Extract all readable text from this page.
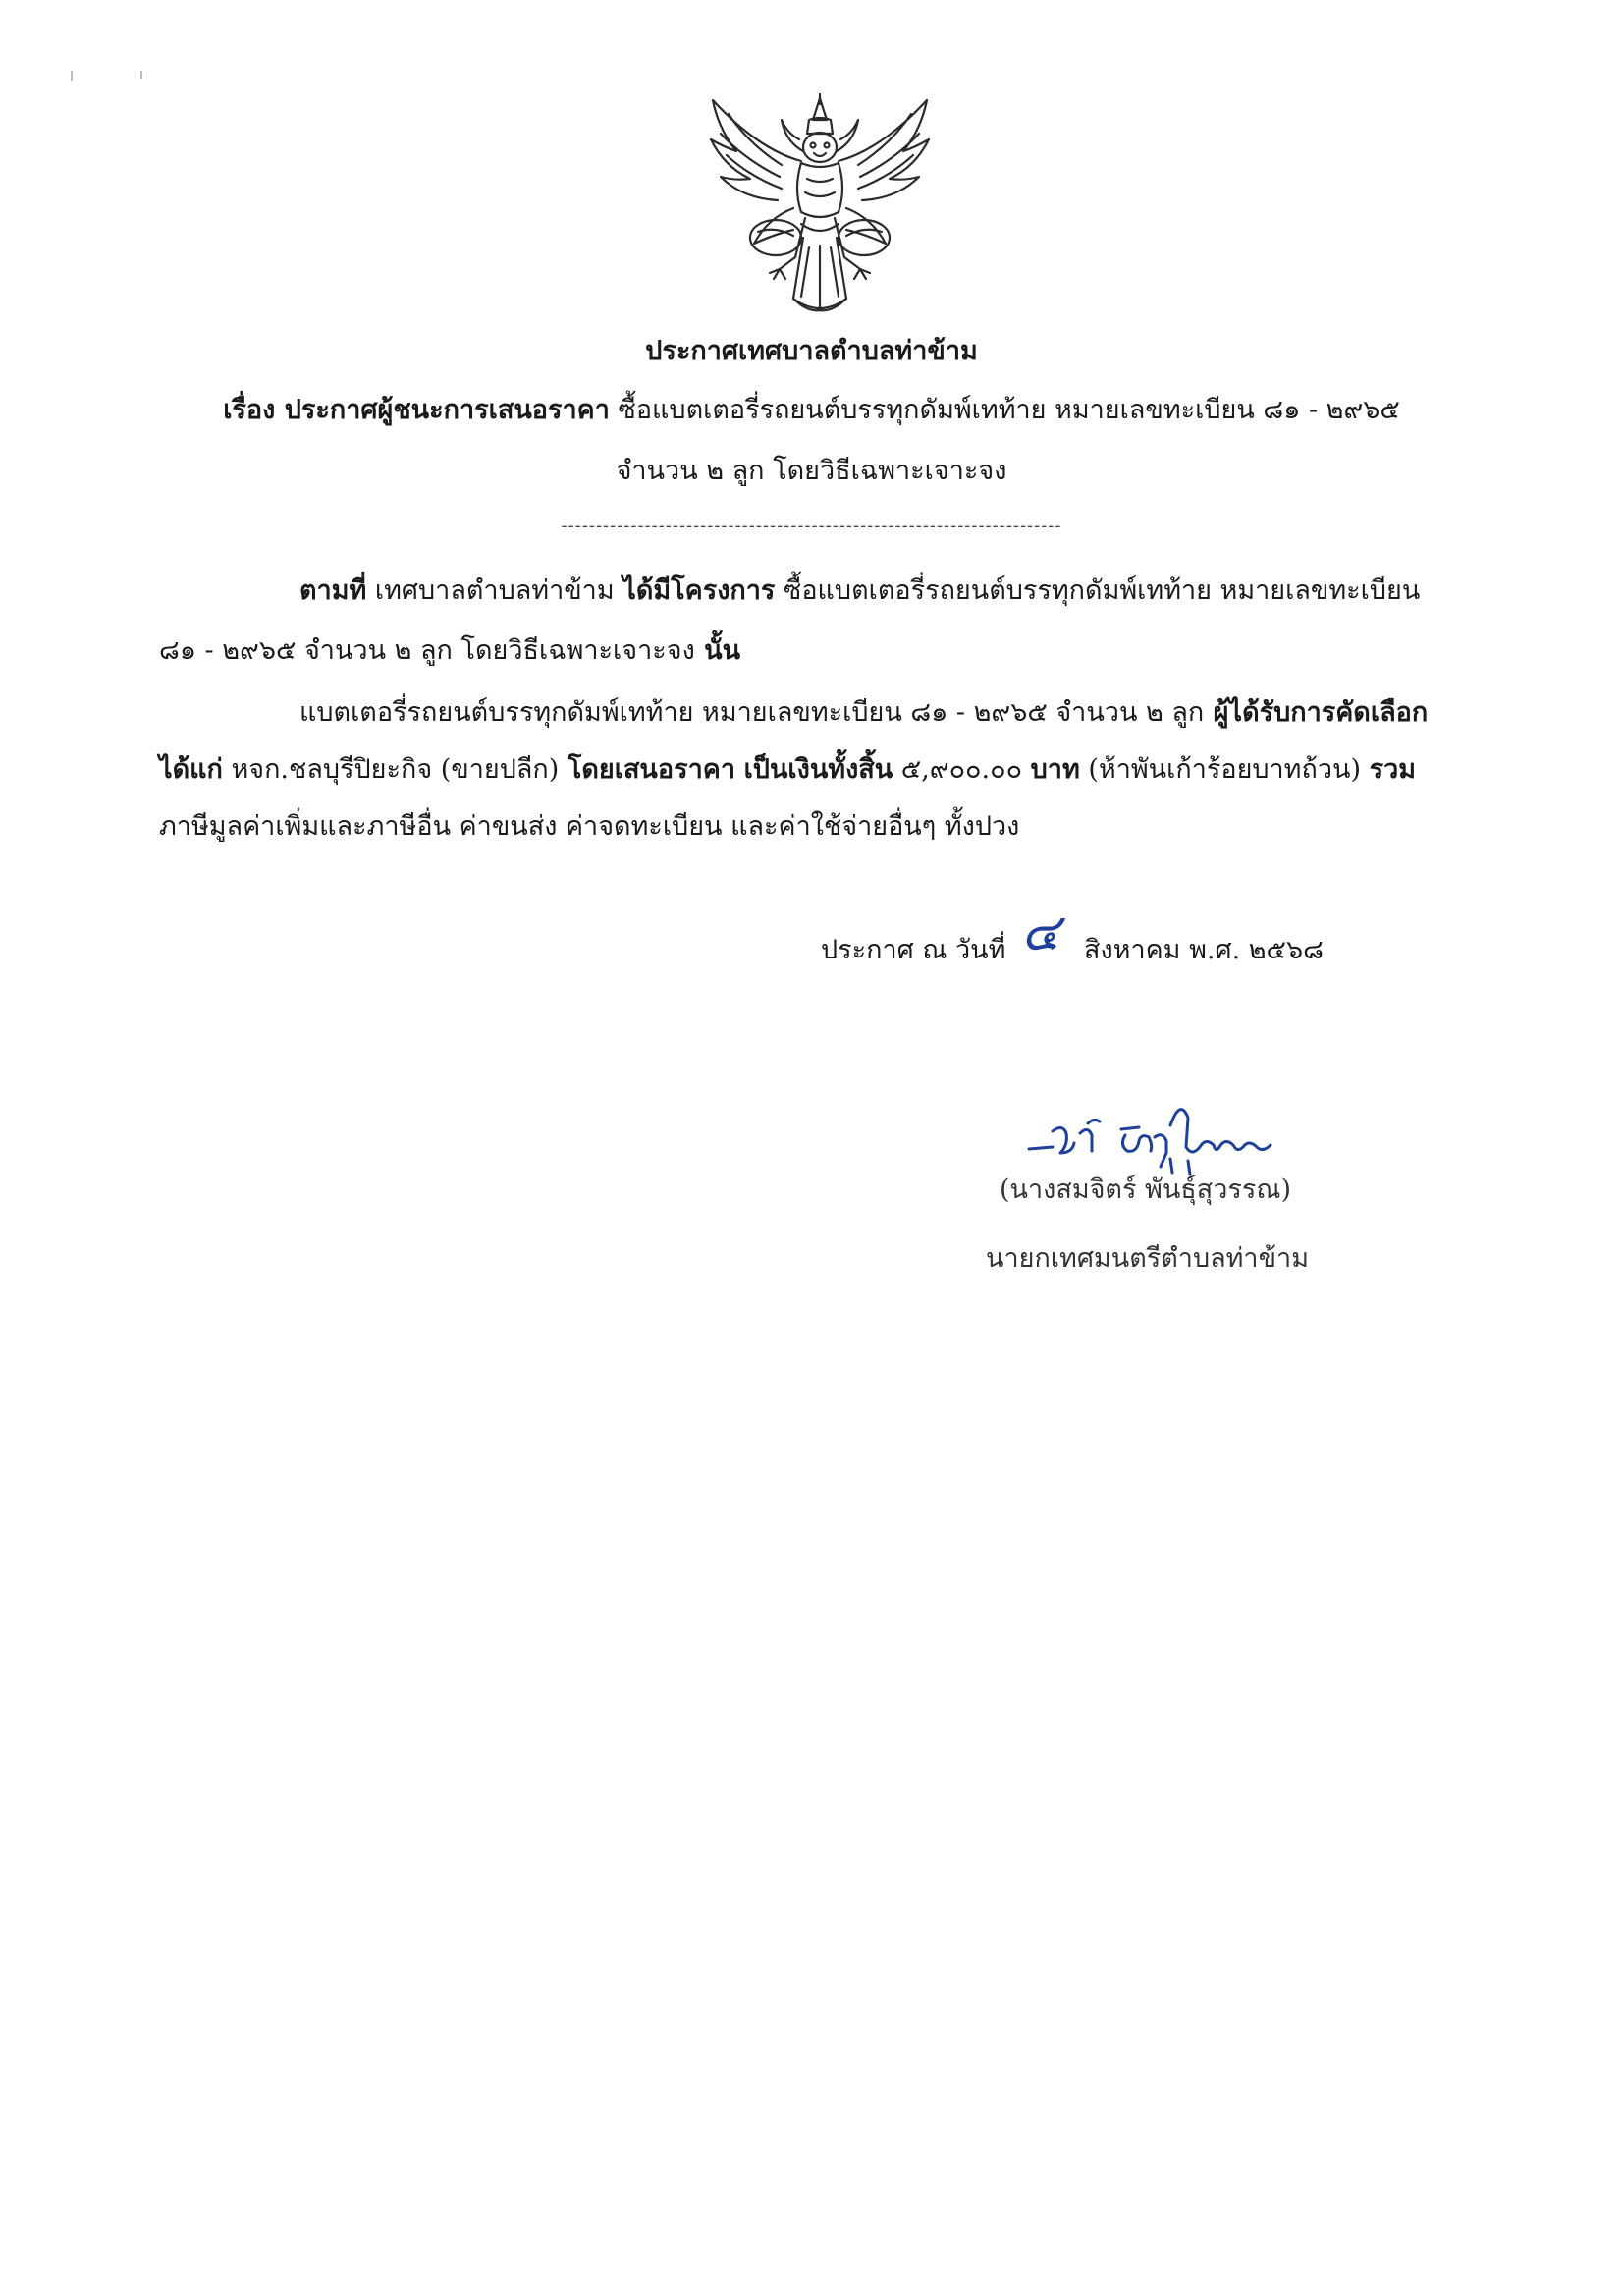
ประกาศเทศบาลตำบลท่าข้าม
เรื่อง ประกาศผู้ชนะการเสนอราคา ซื้อแบตเตอรี่รถยนต์บรรทุกดัมพ์เทท้าย หมายเลขทะเบียน ๘๑ - ๒๙๖๕
จำนวน ๒ ลูก โดยวิธีเฉพาะเจาะจง
------------------------------------------------------------------------
ตามที่ เทศบาลตำบลท่าข้าม ได้มีโครงการ ซื้อแบตเตอรี่รถยนต์บรรทุกดัมพ์เทท้าย หมายเลขทะเบียน
๘๑ - ๒๙๖๕ จำนวน ๒ ลูก โดยวิธีเฉพาะเจาะจง นั้น
แบตเตอรี่รถยนต์บรรทุกดัมพ์เทท้าย หมายเลขทะเบียน ๘๑ - ๒๙๖๕ จำนวน ๒ ลูก ผู้ได้รับการคัดเลือก
ได้แก่ หจก.ชลบุรีปิยะกิจ (ขายปลีก) โดยเสนอราคา เป็นเงินทั้งสิ้น ๕,๙๐๐.๐๐ บาท (ห้าพันเก้าร้อยบาทถ้วน) รวม
ภาษีมูลค่าเพิ่มและภาษีอื่น ค่าขนส่ง ค่าจดทะเบียน และค่าใช้จ่ายอื่นๆ ทั้งปวง
ประกาศ ณ วันที่ ๔ สิงหาคม พ.ศ. ๒๕๖๘
(นางสมจิตร์ พันธุ์สุวรรณ)
นายกเทศมนตรีตำบลท่าข้าม
